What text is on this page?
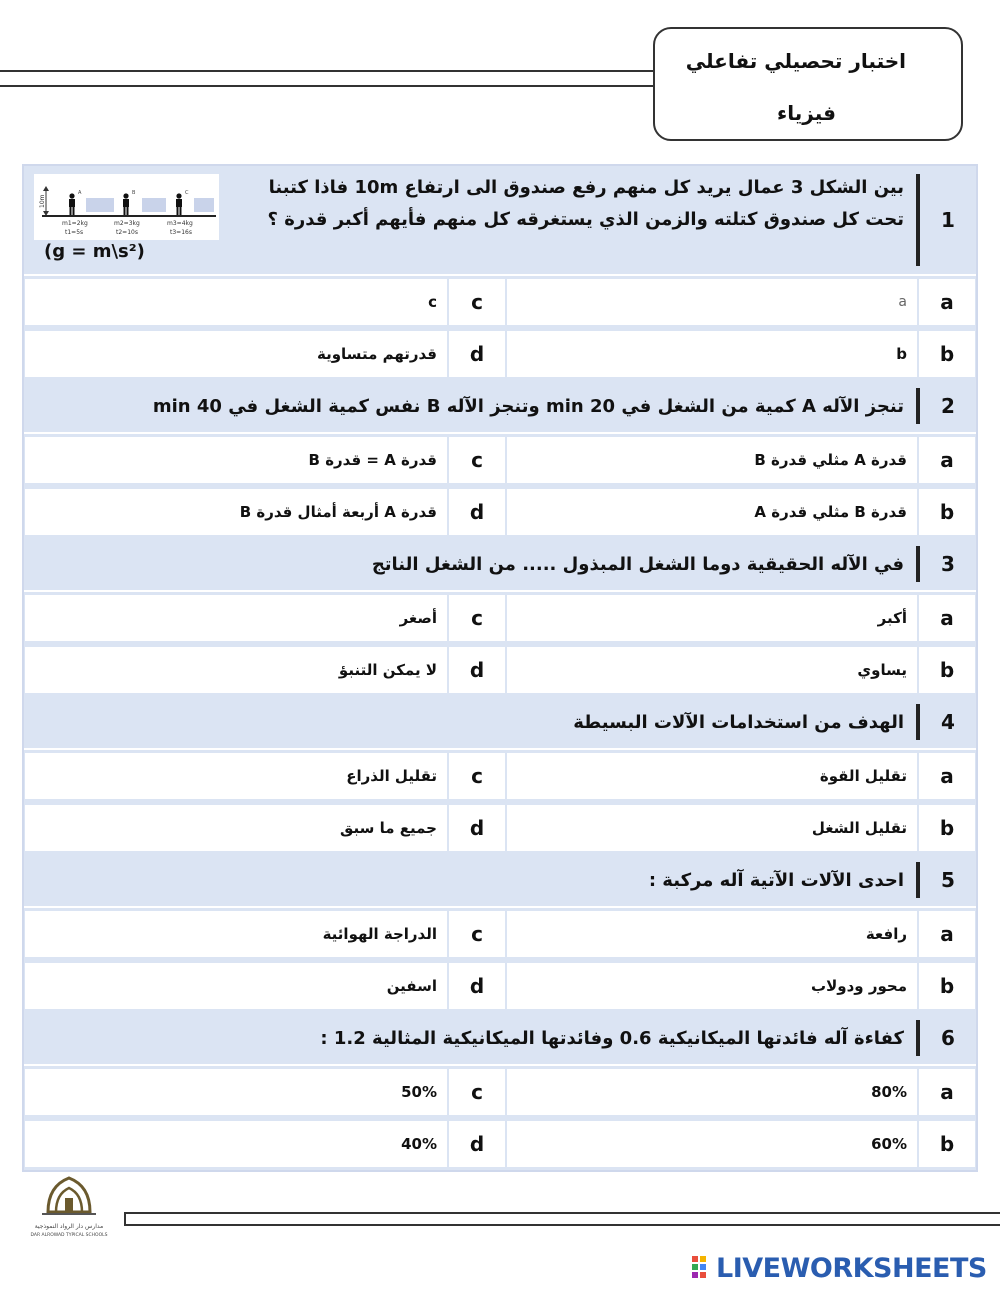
اختبار تحصيلي تفاعلي
فيزياء
1
بين الشكل 3 عمال يريد كل منهم رفع صندوق الى ارتفاع 10m فاذا كتبنا تحت كل صندوق كتلته والزمن الذي يستغرقه كل منهم فأيهم أكبر قدرة ؟
(g = m\s²)
10m
A	B	C
m1=2kg	m2=3kg	m3=4kg
t1=5s	t2=10s	t3=16s
a
a
c
c
b
b
d
قدرتهم متساوية
2
تنجز الآله A كمية من الشغل في 20 min وتنجز الآله B نفس كمية الشغل في 40 min
a
قدرة A مثلي قدرة B
c
قدرة A = قدرة B
b
قدرة B مثلي قدرة A
d
قدرة A أربعة أمثال قدرة B
3
في الآله الحقيقية دوما الشغل المبذول ..... من الشغل الناتج
a
أكبر
c
أصغر
b
يساوي
d
لا يمكن التنبؤ
4
الهدف من استخدامات الآلات البسيطة
a
تقليل القوة
c
تقليل الذراع
b
تقليل الشغل
d
جميع ما سبق
5
احدى الآلات الآتية آله مركبة :
a
رافعة
c
الدراجة الهوائية
b
محور ودولاب
d
اسفين
6
كفاءة آله فائدتها الميكانيكية 0.6 وفائدتها الميكانيكية المثالية 1.2 :
a
80%
c
50%
b
60%
d
40%
مدارس دار الرواد النموذجية
DAR ALROWAD TYPICAL SCHOOLS
LIVEWORKSHEETS
